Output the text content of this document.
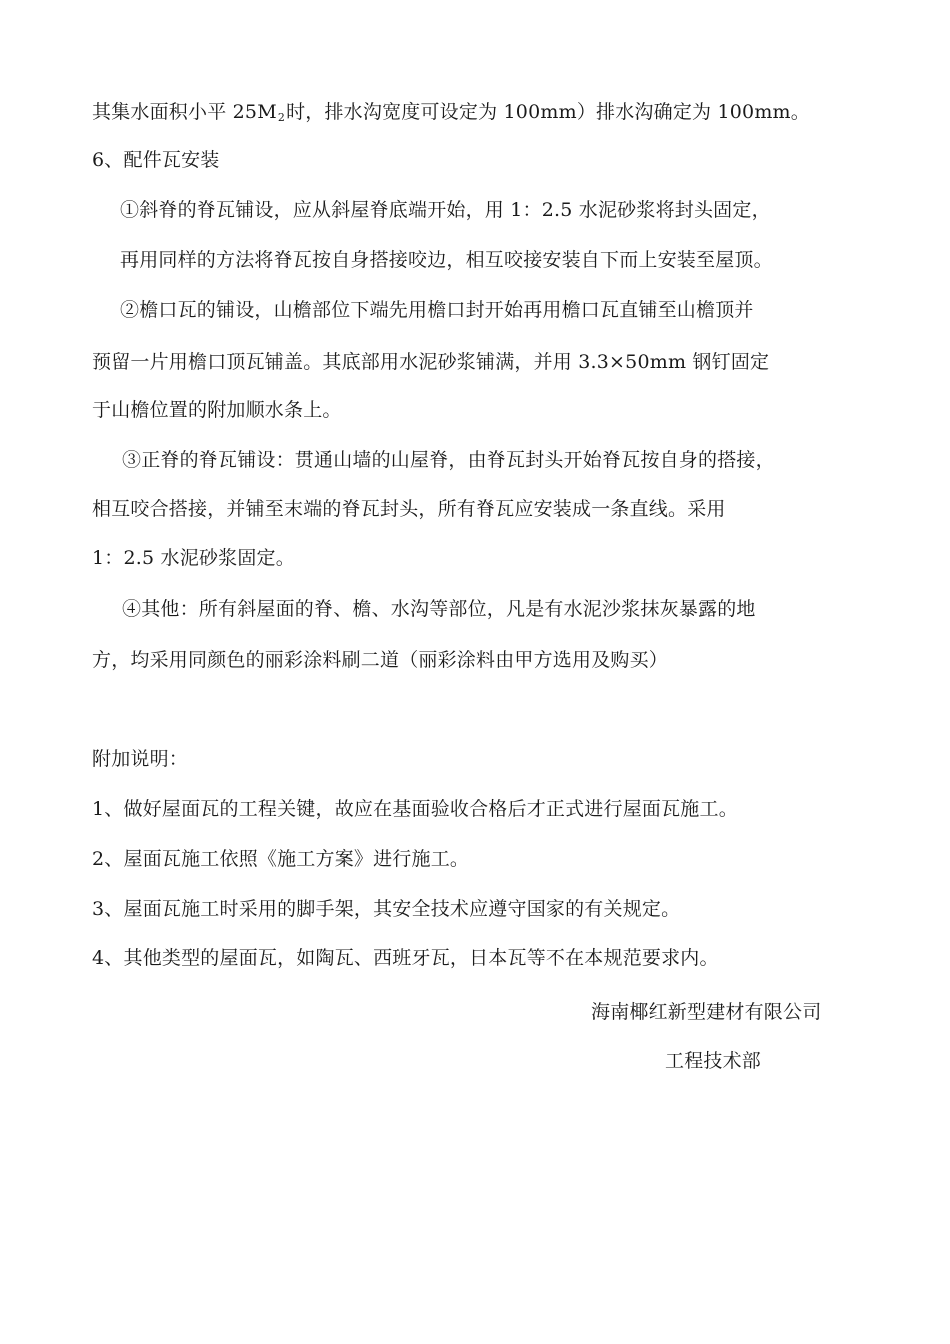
其集水面积小平 25M2时，排水沟宽度可设定为 100mm）排水沟确定为 100mm。
6、配件瓦安装
①斜脊的脊瓦铺设，应从斜屋脊底端开始，用 1：2.5 水泥砂浆将封头固定，
再用同样的方法将脊瓦按自身搭接咬边，相互咬接安装自下而上安装至屋顶。
②檐口瓦的铺设，山檐部位下端先用檐口封开始再用檐口瓦直铺至山檐顶并
预留一片用檐口顶瓦铺盖。其底部用水泥砂浆铺满，并用 3.3×50mm 钢钉固定
于山檐位置的附加顺水条上。
③正脊的脊瓦铺设：贯通山墙的山屋脊，由脊瓦封头开始脊瓦按自身的搭接，
相互咬合搭接，并铺至末端的脊瓦封头，所有脊瓦应安装成一条直线。采用
1：2.5 水泥砂浆固定。
④其他：所有斜屋面的脊、檐、水沟等部位，凡是有水泥沙浆抹灰暴露的地
方，均采用同颜色的丽彩涂料刷二道（丽彩涂料由甲方选用及购买）
附加说明：
1、做好屋面瓦的工程关键，故应在基面验收合格后才正式进行屋面瓦施工。
2、屋面瓦施工依照《施工方案》进行施工。
3、屋面瓦施工时采用的脚手架，其安全技术应遵守国家的有关规定。
4、其他类型的屋面瓦，如陶瓦、西班牙瓦，日本瓦等不在本规范要求内。
海南椰红新型建材有限公司
工程技术部
